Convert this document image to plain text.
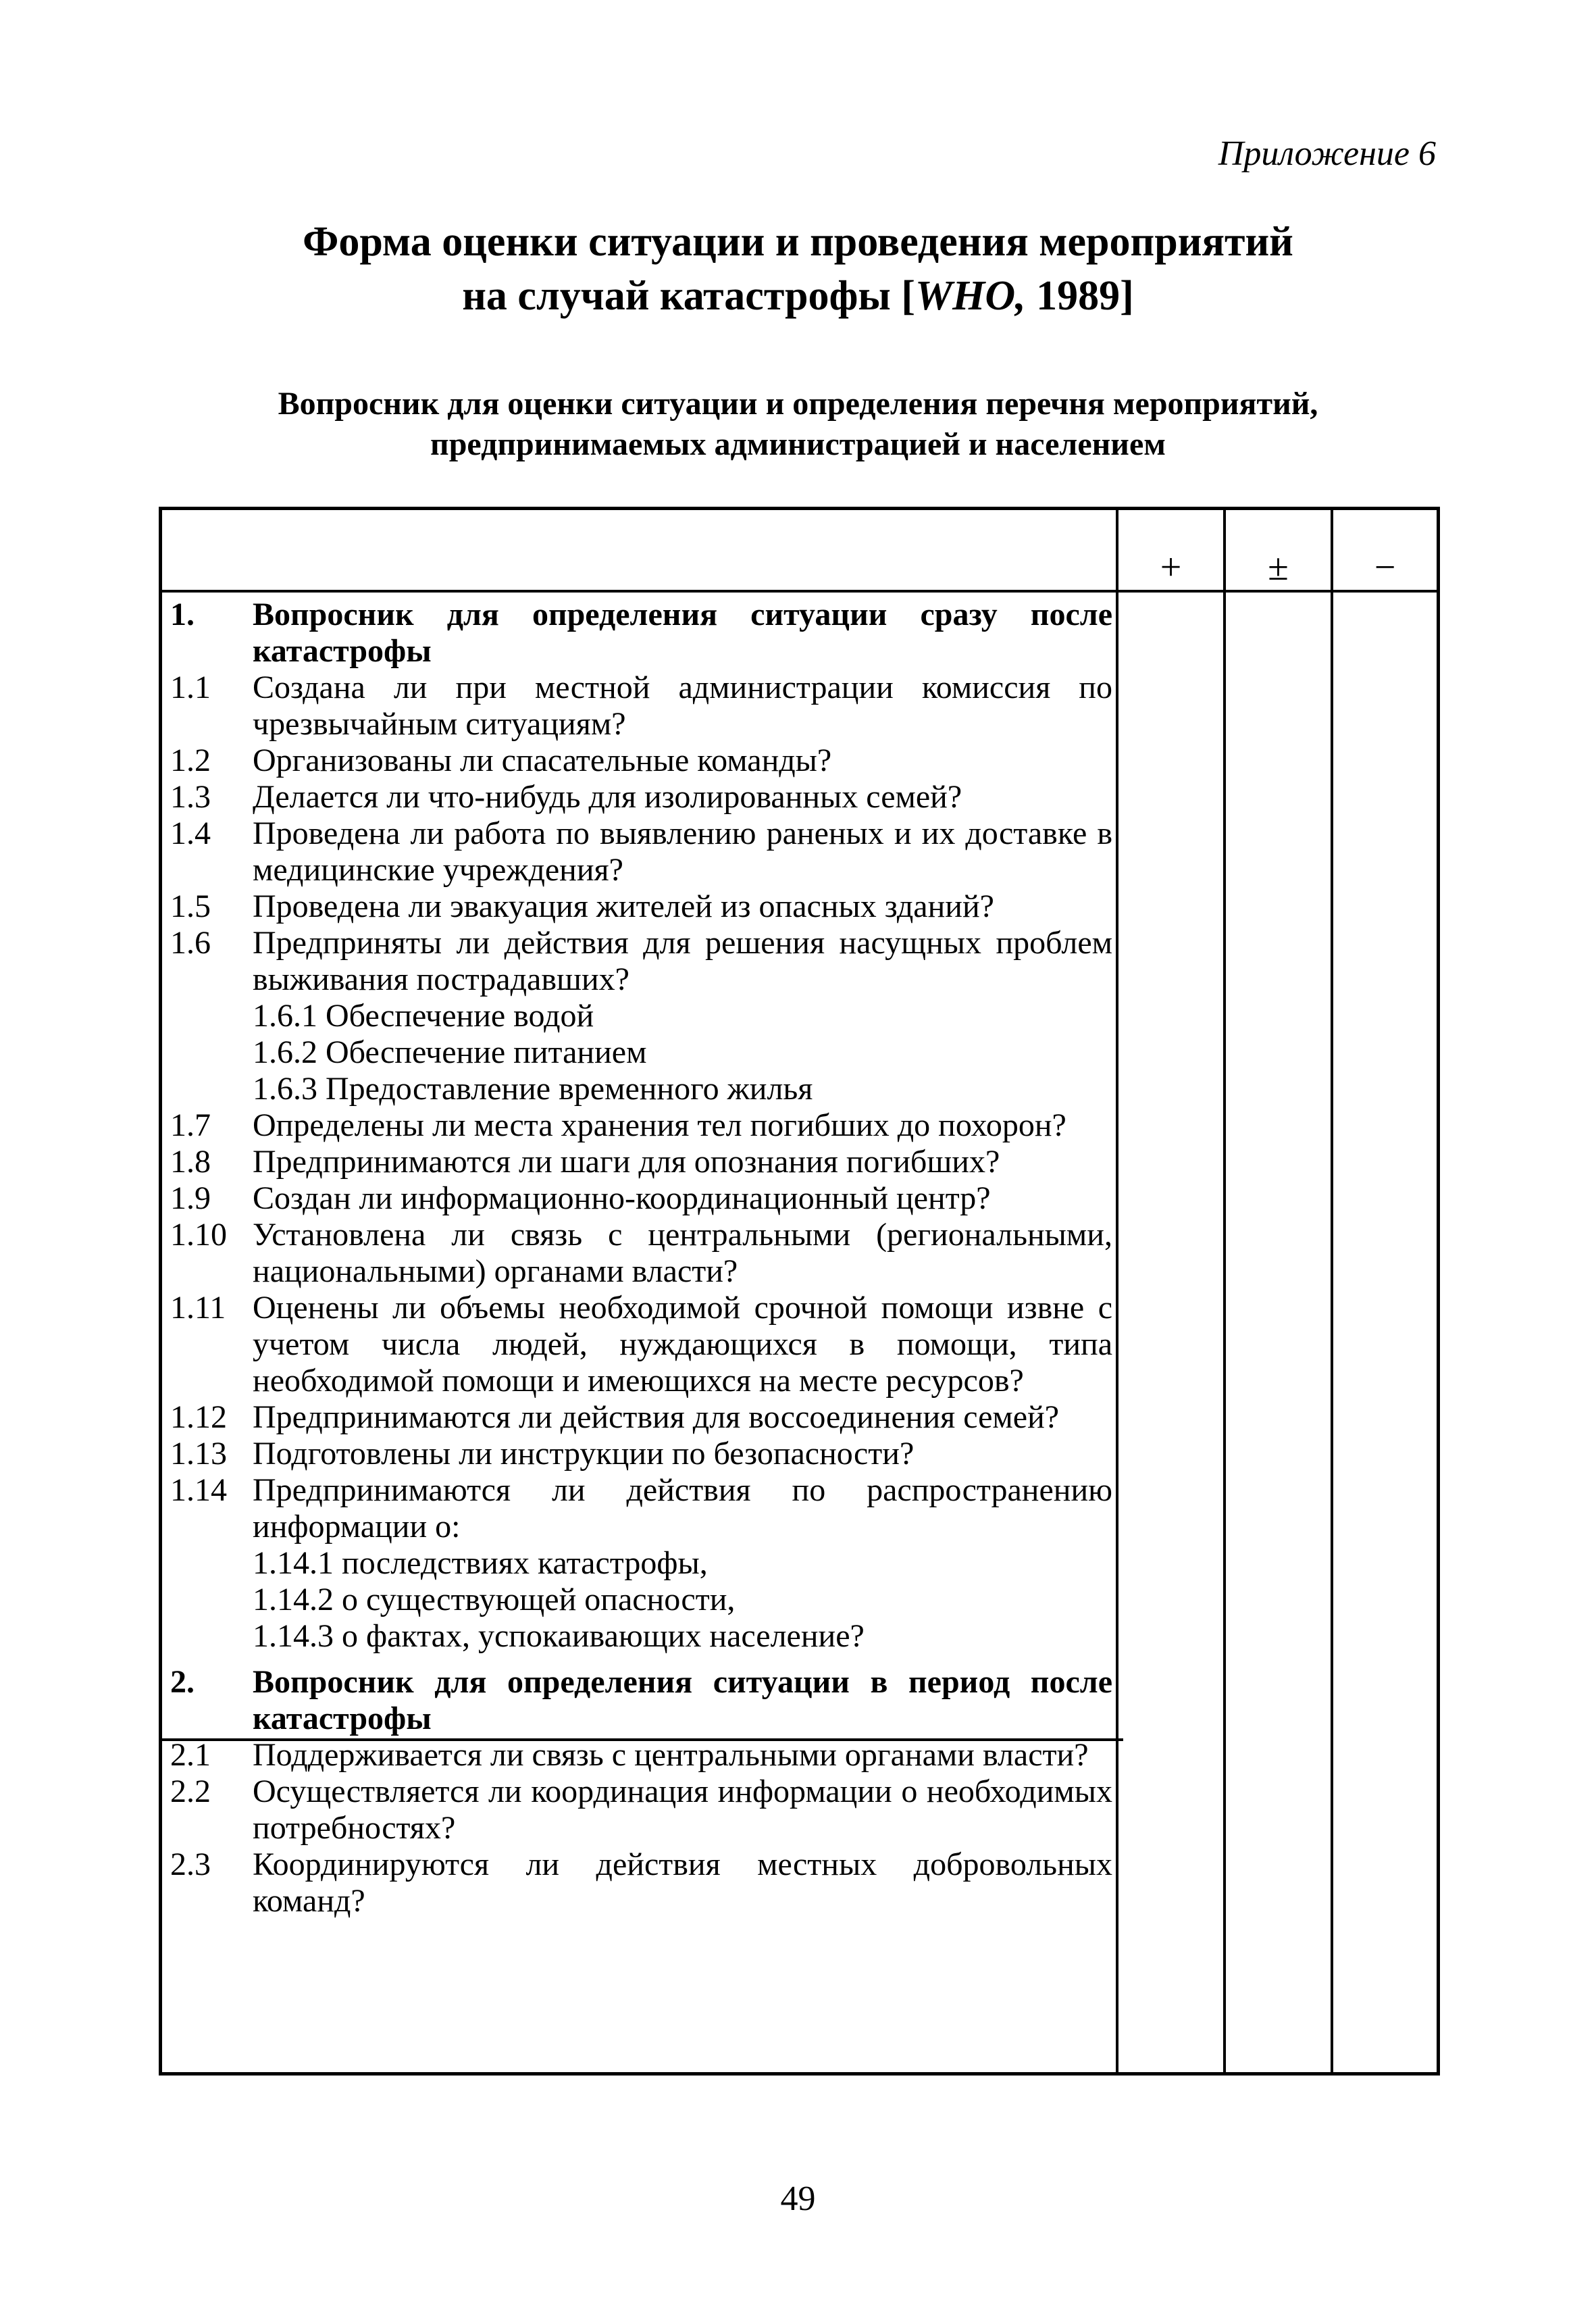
Приложение 6
Форма оценки ситуации и проведения мероприятий
на случай катастрофы [WHO, 1989]
Вопросник для оценки ситуации и определения перечня мероприятий,
предпринимаемых администрацией и населением
+	±	−
1.	Вопросник для определения ситуации сразу после катастрофы
1.1	Создана ли при местной администрации комиссия по чрезвычайным ситуациям?
1.2	Организованы ли спасательные команды?
1.3	Делается ли что-нибудь для изолированных семей?
1.4	Проведена ли работа по выявлению раненых и их доставке в медицинские учреждения?
1.5	Проведена ли эвакуация жителей из опасных зданий?
1.6	Предприняты ли действия для решения насущных проблем выживания пострадавших?
1.6.1 Обеспечение водой
1.6.2 Обеспечение питанием
1.6.3 Предоставление временного жилья
1.7	Определены ли места хранения тел погибших до похорон?
1.8	Предпринимаются ли шаги для опознания погибших?
1.9	Создан ли информационно-координационный центр?
1.10 Установлена ли связь с центральными (региональными, национальными) органами власти?
1.11 Оценены ли объемы необходимой срочной помощи извне с учетом числа людей, нуждающихся в помощи, типа необходимой помощи и имеющихся на месте ресурсов?
1.12 Предпринимаются ли действия для воссоединения семей?
1.13 Подготовлены ли инструкции по безопасности?
1.14 Предпринимаются ли действия по распространению информации о:
1.14.1 последствиях катастрофы,
1.14.2 о существующей опасности,
1.14.3 о фактах, успокаивающих население?
2.	Вопросник для определения ситуации в период после катастрофы
2.1	Поддерживается ли связь с центральными органами власти?
2.2	Осуществляется ли координация информации о необходимых потребностях?
2.3	Координируются ли действия местных добровольных команд?
49
